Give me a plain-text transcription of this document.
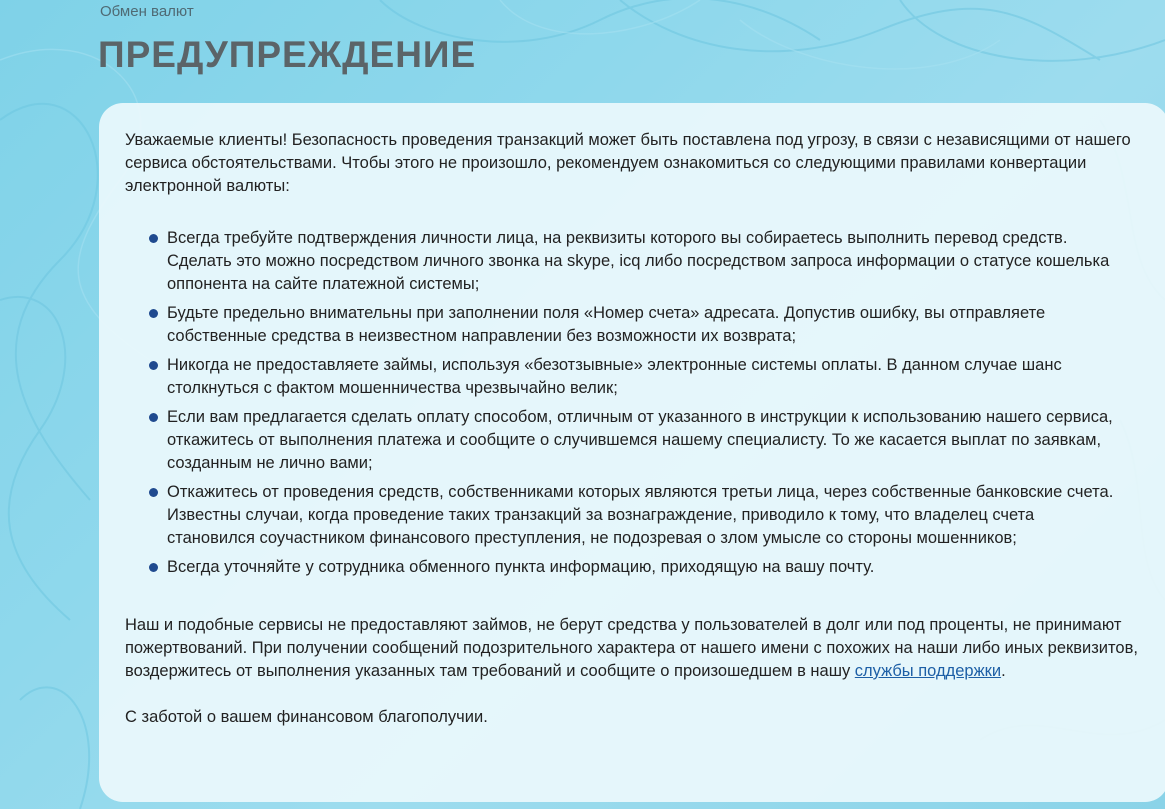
Обмен валют
ПРЕДУПРЕЖДЕНИЕ

Уважаемые клиенты! Безопасность проведения транзакций может быть поставлена под угрозу, в связи с независящими от нашего сервиса обстоятельствами. Чтобы этого не произошло, рекомендуем ознакомиться со следующими правилами конвертации электронной валюты:

Всегда требуйте подтверждения личности лица, на реквизиты которого вы собираетесь выполнить перевод средств. Сделать это можно посредством личного звонка на skype, icq либо посредством запроса информации о статусе кошелька оппонента на сайте платежной системы;
Будьте предельно внимательны при заполнении поля «Номер счета» адресата. Допустив ошибку, вы отправляете собственные средства в неизвестном направлении без возможности их возврата;
Никогда не предоставляете займы, используя «безотзывные» электронные системы оплаты. В данном случае шанс столкнуться с фактом мошенничества чрезвычайно велик;
Если вам предлагается сделать оплату способом, отличным от указанного в инструкции к использованию нашего сервиса, откажитесь от выполнения платежа и сообщите о случившемся нашему специалисту. То же касается выплат по заявкам, созданным не лично вами;
Откажитесь от проведения средств, собственниками которых являются третьи лица, через собственные банковские счета. Известны случаи, когда проведение таких транзакций за вознаграждение, приводило к тому, что владелец счета становился соучастником финансового преступления, не подозревая о злом умысле со стороны мошенников;
Всегда уточняйте у сотрудника обменного пункта информацию, приходящую на вашу почту.

Наш и подобные сервисы не предоставляют займов, не берут средства у пользователей в долг или под проценты, не принимают пожертвований. При получении сообщений подозрительного характера от нашего имени с похожих на наши либо иных реквизитов, воздержитесь от выполнения указанных там требований и сообщите о произошедшем в нашу службы поддержки.

С заботой о вашем финансовом благополучии.
